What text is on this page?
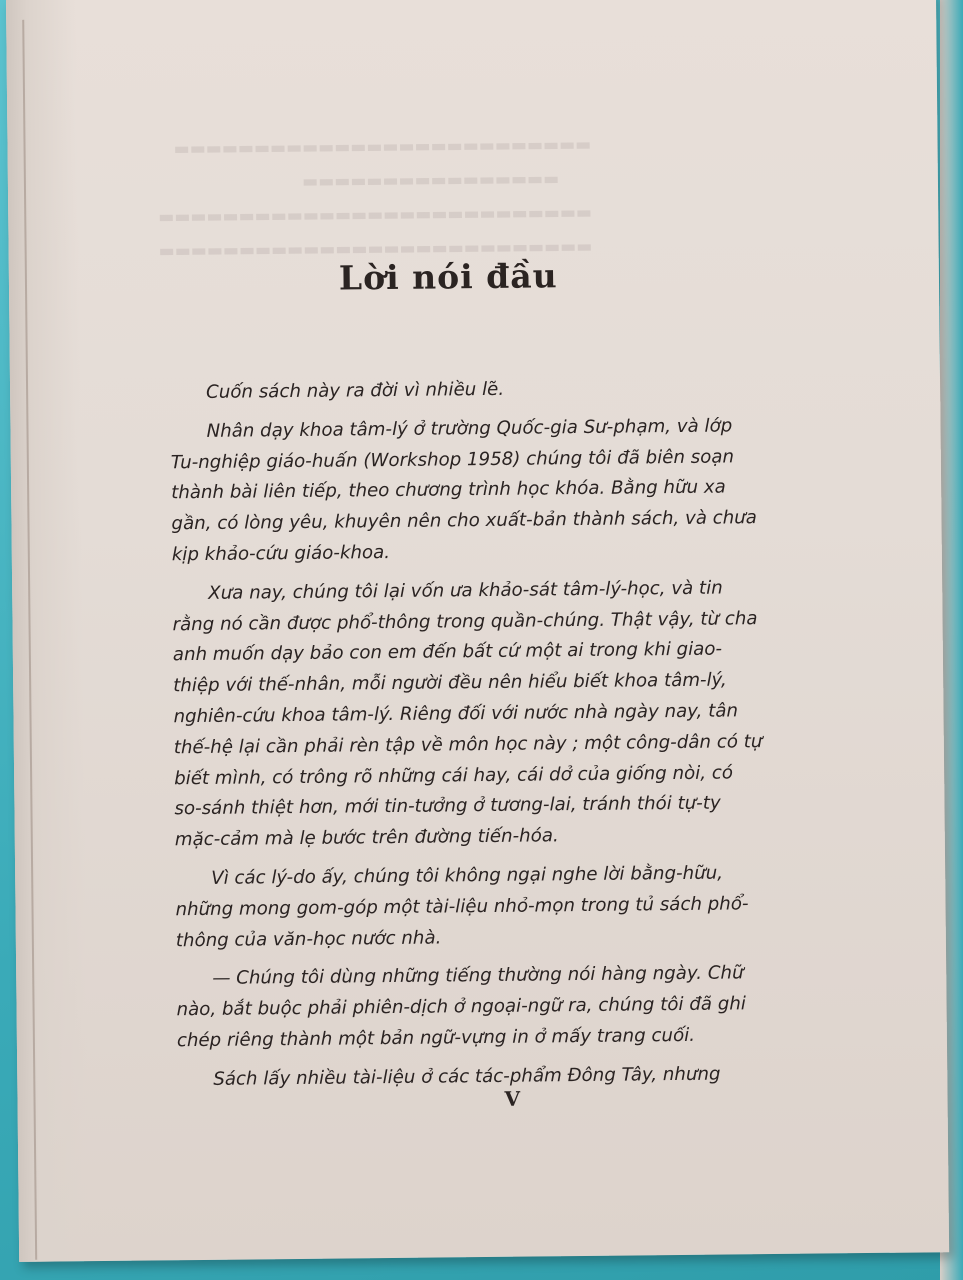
▬▬▬▬▬▬▬▬▬▬▬▬▬▬▬▬▬▬▬▬▬▬▬▬▬▬
▬▬▬▬▬▬▬▬▬▬▬▬▬▬▬▬
▬▬▬▬▬▬▬▬▬▬▬▬▬▬▬▬▬▬▬▬▬▬▬▬▬▬▬
▬▬▬▬▬▬▬▬▬▬▬▬▬▬▬▬▬▬▬▬▬▬▬▬▬▬▬

Lời nói đầu
Cuốn sách này ra đời vì nhiều lẽ.
Nhân dạy khoa tâm-lý ở trường Quốc-gia Sư-phạm, và lớp
Tu-nghiệp giáo-huấn (Workshop 1958) chúng tôi đã biên soạn
thành bài liên tiếp, theo chương trình học khóa. Bằng hữu xa
gần, có lòng yêu, khuyên nên cho xuất-bản thành sách, và chưa
kịp khảo-cứu giáo-khoa.
Xưa nay, chúng tôi lại vốn ưa khảo-sát tâm-lý-học, và tin
rằng nó cần được phổ-thông trong quần-chúng. Thật vậy, từ cha
anh muốn dạy bảo con em đến bất cứ một ai trong khi giao-
thiệp với thế-nhân, mỗi người đều nên hiểu biết khoa tâm-lý,
nghiên-cứu khoa tâm-lý. Riêng đối với nước nhà ngày nay, tân
thế-hệ lại cần phải rèn tập về môn học này ; một công-dân có tự
biết mình, có trông rõ những cái hay, cái dở của giống nòi, có
so-sánh thiệt hơn, mới tin-tưởng ở tương-lai, tránh thói tự-ty
mặc-cảm mà lẹ bước trên đường tiến-hóa.
Vì các lý-do ấy, chúng tôi không ngại nghe lời bằng-hữu,
những mong gom-góp một tài-liệu nhỏ-mọn trong tủ sách phổ-
thông của văn-học nước nhà.
— Chúng tôi dùng những tiếng thường nói hàng ngày. Chữ
nào, bắt buộc phải phiên-dịch ở ngoại-ngữ ra, chúng tôi đã ghi
chép riêng thành một bản ngữ-vựng in ở mấy trang cuối.
Sách lấy nhiều tài-liệu ở các tác-phẩm Đông Tây, nhưng
V
